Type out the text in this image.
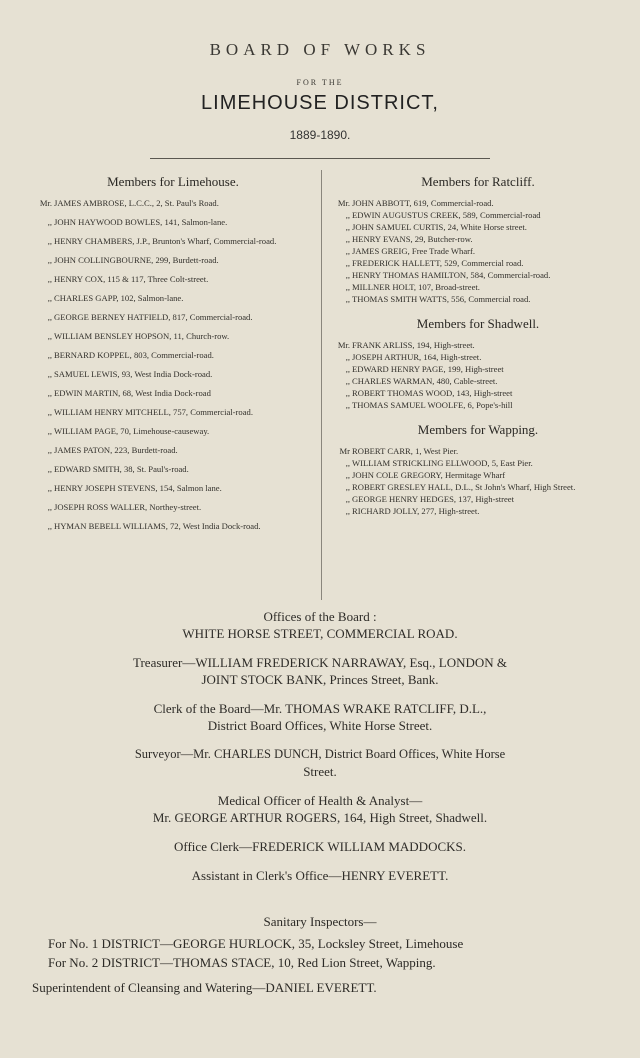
BOARD OF WORKS
FOR THE
LIMEHOUSE DISTRICT,
1889-1890.
Members for Limehouse.
Mr. JAMES AMBROSE, L.C.C., 2, St. Paul's Road.
,, JOHN HAYWOOD BOWLES, 141, Salmon-lane.
,, HENRY CHAMBERS, J.P., Brunton's Wharf, Commercial-road.
,, JOHN COLLINGBOURNE, 299, Burdett-road.
,, HENRY COX, 115 & 117, Three Colt-street.
,, CHARLES GAPP, 102, Salmon-lane.
,, GEORGE BERNEY HATFIELD, 817, Commercial-road.
,, WILLIAM BENSLEY HOPSON, 11, Church-row.
,, BERNARD KOPPEL, 803, Commercial-road.
,, SAMUEL LEWIS, 93, West India Dock-road.
,, EDWIN MARTIN, 68, West India Dock-road
,, WILLIAM HENRY MITCHELL, 757, Commercial-road.
,, WILLIAM PAGE, 70, Limehouse-causeway.
,, JAMES PATON, 223, Burdett-road.
,, EDWARD SMITH, 38, St. Paul's-road.
,, HENRY JOSEPH STEVENS, 154, Salmon lane.
,, JOSEPH ROSS WALLER, Northey-street.
,, HYMAN BEBELL WILLIAMS, 72, West India Dock-road.
Members for Ratcliff.
Mr. JOHN ABBOTT, 619, Commercial-road.
,, EDWIN AUGUSTUS CREEK, 589, Commercial-road
,, JOHN SAMUEL CURTIS, 24, White Horse street.
,, HENRY EVANS, 29, Butcher-row.
,, JAMES GREIG, Free Trade Wharf.
,, FREDERICK HALLETT, 529, Commercial road.
,, HENRY THOMAS HAMILTON, 584, Commercial-road.
,, MILLNER HOLT, 107, Broad-street.
,, THOMAS SMITH WATTS, 556, Commercial road.
Members for Shadwell.
Mr. FRANK ARLISS, 194, High-street.
,, JOSEPH ARTHUR, 164, High-street.
,, EDWARD HENRY PAGE, 199, High-street
,, CHARLES WARMAN, 480, Cable-street.
,, ROBERT THOMAS WOOD, 143, High-street
,, THOMAS SAMUEL WOOLFE, 6, Pope's-hill
Members for Wapping.
Mr ROBERT CARR, 1, West Pier.
,, WILLIAM STRICKLING ELLWOOD, 5, East Pier.
,, JOHN COLE GREGORY, Hermitage Wharf
,, ROBERT GRESLEY HALL, D.L., St John's Wharf, High Street.
,, GEORGE HENRY HEDGES, 137, High-street
,, RICHARD JOLLY, 277, High-street.

Offices of the Board :

WHITE HORSE STREET, COMMERCIAL ROAD.

Treasurer—WILLIAM FREDERICK NARRAWAY, Esq., LONDON &

JOINT STOCK BANK, Princes Street, Bank.

Clerk of the Board—Mr. THOMAS WRAKE RATCLIFF, D.L.,

District Board Offices, White Horse Street.

Surveyor—Mr. CHARLES DUNCH, District Board Offices, White Horse

Street.

Medical Officer of Health & Analyst—

Mr. GEORGE ARTHUR ROGERS, 164, High Street, Shadwell.

Office Clerk—FREDERICK WILLIAM MADDOCKS.

Assistant in Clerk's Office—HENRY EVERETT.

Sanitary Inspectors—

For No. 1 DISTRICT—GEORGE HURLOCK, 35, Locksley Street, Limehouse

For No. 2 DISTRICT—THOMAS STACE, 10, Red Lion Street, Wapping.

Superintendent of Cleansing and Watering—DANIEL EVERETT.
